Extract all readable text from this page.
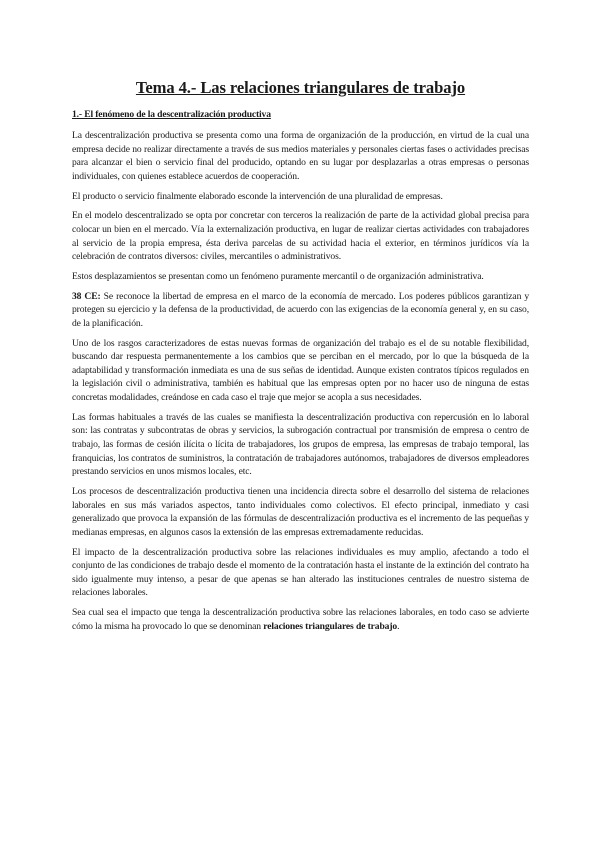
Tema 4.- Las relaciones triangulares de trabajo
1.- El fenómeno de la descentralización productiva

La descentralización productiva se presenta como una forma de organización de la producción, en virtud de la cual una empresa decide no realizar directamente a través de sus medios materiales y personales ciertas fases o actividades precisas para alcanzar el bien o servicio final del producido, optando en su lugar por desplazarlas a otras empresas o personas individuales, con quienes establece acuerdos de cooperación.

El producto o servicio finalmente elaborado esconde la intervención de una pluralidad de empresas.

En el modelo descentralizado se opta por concretar con terceros la realización de parte de la actividad global precisa para colocar un bien en el mercado. Vía la externalización productiva, en lugar de realizar ciertas actividades con trabajadores al servicio de la propia empresa, ésta deriva parcelas de su actividad hacia el exterior, en términos jurídicos vía la celebración de contratos diversos: civiles, mercantiles o administrativos.

Estos desplazamientos se presentan como un fenómeno puramente mercantil o de organización administrativa.

38 CE: Se reconoce la libertad de empresa en el marco de la economía de mercado. Los poderes públicos garantizan y protegen su ejercicio y la defensa de la productividad, de acuerdo con las exigencias de la economía general y, en su caso, de la planificación.

Uno de los rasgos caracterizadores de estas nuevas formas de organización del trabajo es el de su notable flexibilidad, buscando dar respuesta permanentemente a los cambios que se perciban en el mercado, por lo que la búsqueda de la adaptabilidad y transformación inmediata es una de sus señas de identidad. Aunque existen contratos típicos regulados en la legislación civil o administrativa, también es habitual que las empresas opten por no hacer uso de ninguna de estas concretas modalidades, creándose en cada caso el traje que mejor se acopla a sus necesidades.

Las formas habituales a través de las cuales se manifiesta la descentralización productiva con repercusión en lo laboral son: las contratas y subcontratas de obras y servicios, la subrogación contractual por transmisión de empresa o centro de trabajo, las formas de cesión ilícita o lícita de trabajadores, los grupos de empresa, las empresas de trabajo temporal, las franquicias, los contratos de suministros, la contratación de trabajadores autónomos, trabajadores de diversos empleadores prestando servicios en unos mismos locales, etc.

Los procesos de descentralización productiva tienen una incidencia directa sobre el desarrollo del sistema de relaciones laborales en sus más variados aspectos, tanto individuales como colectivos. El efecto principal, inmediato y casi generalizado que provoca la expansión de las fórmulas de descentralización productiva es el incremento de las pequeñas y medianas empresas, en algunos casos la extensión de las empresas extremadamente reducidas.

El impacto de la descentralización productiva sobre las relaciones individuales es muy amplio, afectando a todo el conjunto de las condiciones de trabajo desde el momento de la contratación hasta el instante de la extinción del contrato ha sido igualmente muy intenso, a pesar de que apenas se han alterado las instituciones centrales de nuestro sistema de relaciones laborales.

Sea cual sea el impacto que tenga la descentralización productiva sobre las relaciones laborales, en todo caso se advierte cómo la misma ha provocado lo que se denominan relaciones triangulares de trabajo.
